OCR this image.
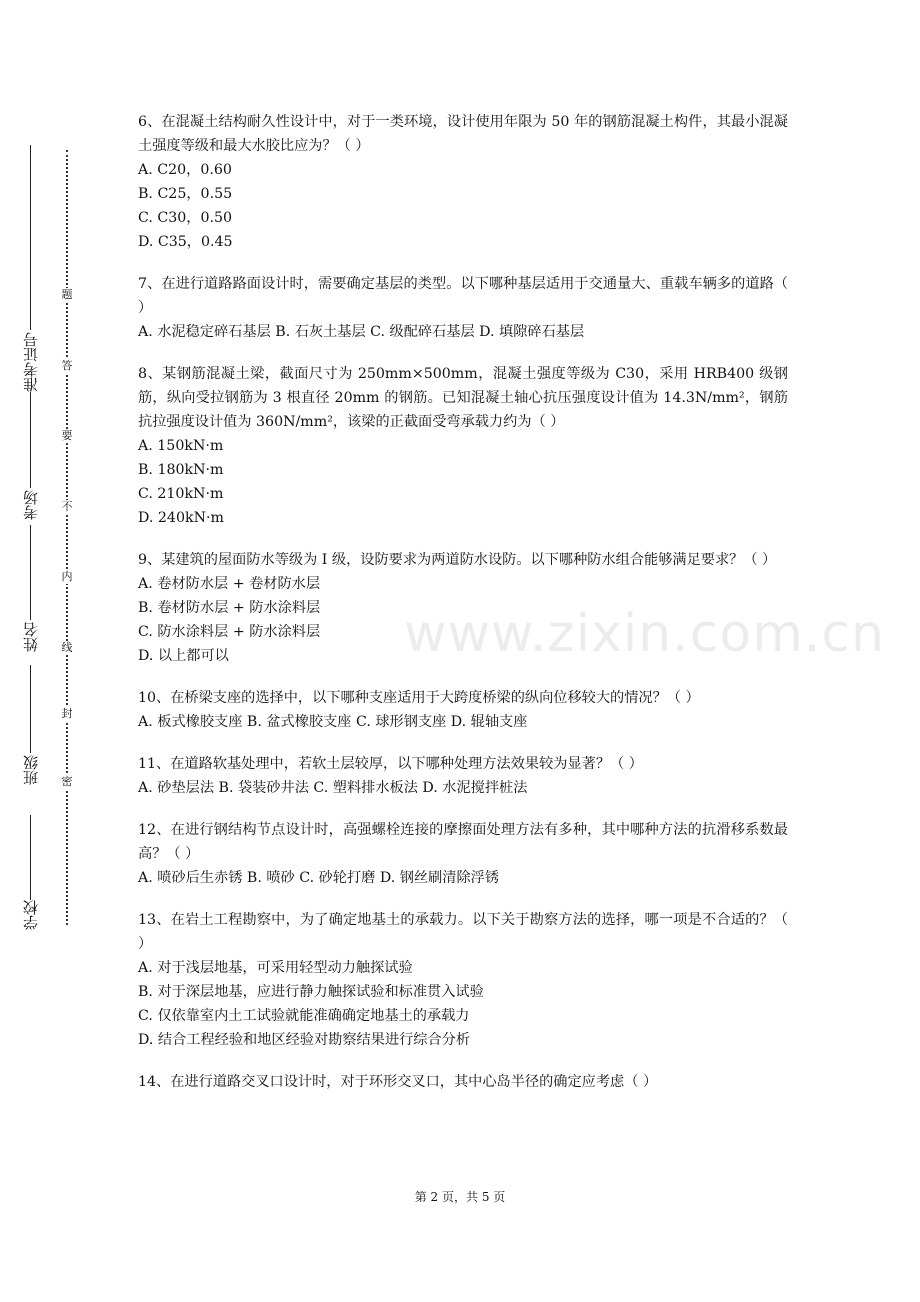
学校
班级
姓名
考场
准考证号
题
答
要
不
内
线
封
密
www.zixin.com.cn
6、在混凝土结构耐久性设计中，对于一类环境，设计使用年限为 50 年的钢筋混凝土构件，其最小混凝土强度等级和最大水胶比应为？（ ）
A. C20，0.60
B. C25，0.55
C. C30，0.50
D. C35，0.45
7、在进行道路路面设计时，需要确定基层的类型。以下哪种基层适用于交通量大、重载车辆多的道路（ ）
A. 水泥稳定碎石基层 B. 石灰土基层 C. 级配碎石基层 D. 填隙碎石基层
8、某钢筋混凝土梁，截面尺寸为 250mm×500mm，混凝土强度等级为 C30，采用 HRB400 级钢筋，纵向受拉钢筋为 3 根直径 20mm 的钢筋。已知混凝土轴心抗压强度设计值为 14.3N/mm²，钢筋抗拉强度设计值为 360N/mm²，该梁的正截面受弯承载力约为（ ）
A. 150kN·m
B. 180kN·m
C. 210kN·m
D. 240kN·m
9、某建筑的屋面防水等级为 I 级，设防要求为两道防水设防。以下哪种防水组合能够满足要求？（ ）
A. 卷材防水层 + 卷材防水层
B. 卷材防水层 + 防水涂料层
C. 防水涂料层 + 防水涂料层
D. 以上都可以
10、在桥梁支座的选择中，以下哪种支座适用于大跨度桥梁的纵向位移较大的情况？（ ）
A. 板式橡胶支座 B. 盆式橡胶支座 C. 球形钢支座 D. 辊轴支座
11、在道路软基处理中，若软土层较厚，以下哪种处理方法效果较为显著？（ ）
A. 砂垫层法 B. 袋装砂井法 C. 塑料排水板法 D. 水泥搅拌桩法
12、在进行钢结构节点设计时，高强螺栓连接的摩擦面处理方法有多种，其中哪种方法的抗滑移系数最高？（ ）
A. 喷砂后生赤锈 B. 喷砂 C. 砂轮打磨 D. 钢丝刷清除浮锈
13、在岩土工程勘察中，为了确定地基土的承载力。以下关于勘察方法的选择，哪一项是不合适的？（ ）
A. 对于浅层地基，可采用轻型动力触探试验
B. 对于深层地基，应进行静力触探试验和标准贯入试验
C. 仅依靠室内土工试验就能准确确定地基土的承载力
D. 结合工程经验和地区经验对勘察结果进行综合分析
14、在进行道路交叉口设计时，对于环形交叉口，其中心岛半径的确定应考虑（ ）
第 2 页，共 5 页
